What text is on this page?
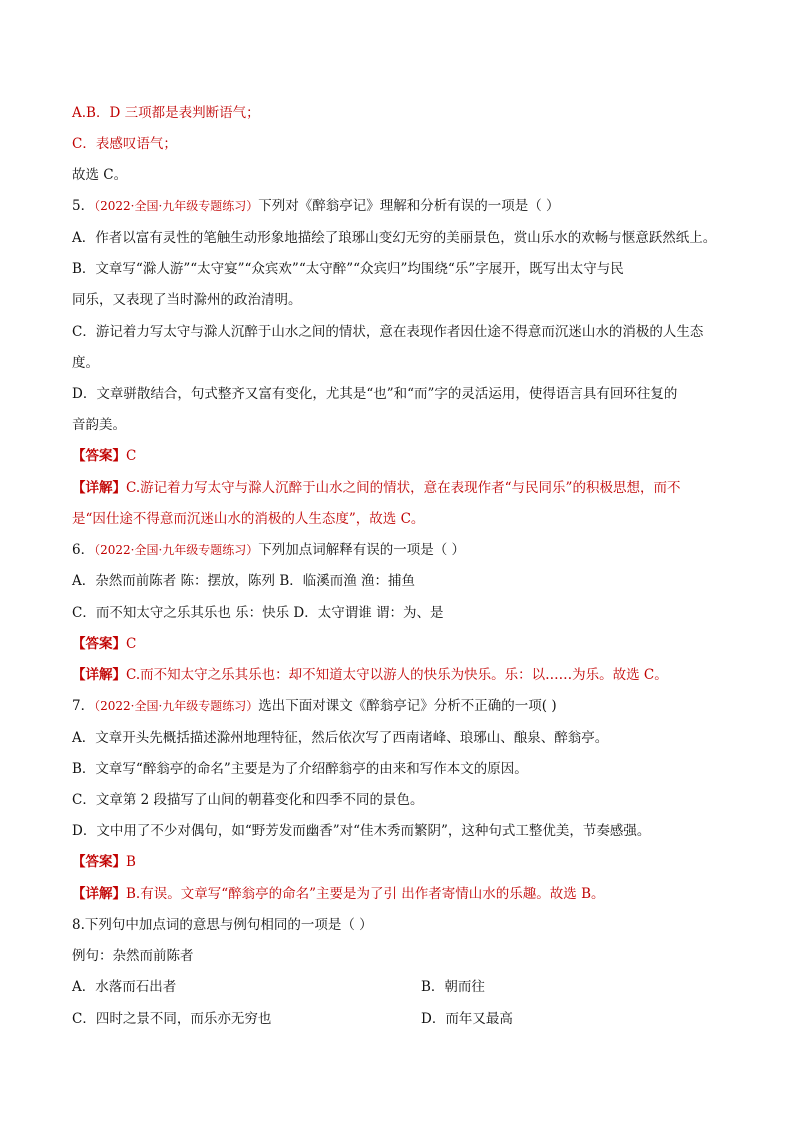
A.B．D 三项都是表判断语气；
C．表感叹语气；
故选 C。
5．（2022·全国·九年级专题练习）下列对《醉翁亭记》理解和分析有误的一项是（ ）
A．作者以富有灵性的笔触生动形象地描绘了琅琊山变幻无穷的美丽景色，赏山乐水的欢畅与惬意跃然纸上。
B．文章写“滁人游”“太守宴”“众宾欢”“太守醉”“众宾归”均围绕“乐”字展开，既写出太守与民
同乐，又表现了当时滁州的政治清明。
C．游记着力写太守与滁人沉醉于山水之间的情状，意在表现作者因仕途不得意而沉迷山水的消极的人生态
度。
D．文章骈散结合，句式整齐又富有变化，尤其是“也”和“而”字的灵活运用，使得语言具有回环往复的
音韵美。
【答案】C
【详解】C.游记着力写太守与滁人沉醉于山水之间的情状，意在表现作者“与民同乐”的积极思想，而不
是“因仕途不得意而沉迷山水的消极的人生态度”，故选 C。
6．（2022·全国·九年级专题练习）下列加点词解释有误的一项是（ ）
A．杂然而前陈者 陈：摆放，陈列 B．临溪而渔 渔：捕鱼
C．而不知太守之乐其乐也 乐：快乐 D．太守谓谁 谓：为、是
【答案】C
【详解】C.而不知太守之乐其乐也：却不知道太守以游人的快乐为快乐。乐：以……为乐。故选 C。
7．（2022·全国·九年级专题练习）选出下面对课文《醉翁亭记》分析不正确的一项( )
A．文章开头先概括描述滁州地理特征，然后依次写了西南诸峰、琅琊山、酿泉、醉翁亭。
B．文章写“醉翁亭的命名”主要是为了介绍醉翁亭的由来和写作本文的原因。
C．文章第 2 段描写了山间的朝暮变化和四季不同的景色。
D．文中用了不少对偶句，如“野芳发而幽香”对“佳木秀而繁阴”，这种句式工整优美，节奏感强。
【答案】B
【详解】B.有误。文章写“醉翁亭的命名”主要是为了引 出作者寄情山水的乐趣。故选 B。
8.下列句中加点词的意思与例句相同的一项是（ ）
例句：杂然而前陈者
A．水落而石出者	B．朝而往
C．四时之景不同，而乐亦无穷也	D．而年又最高
